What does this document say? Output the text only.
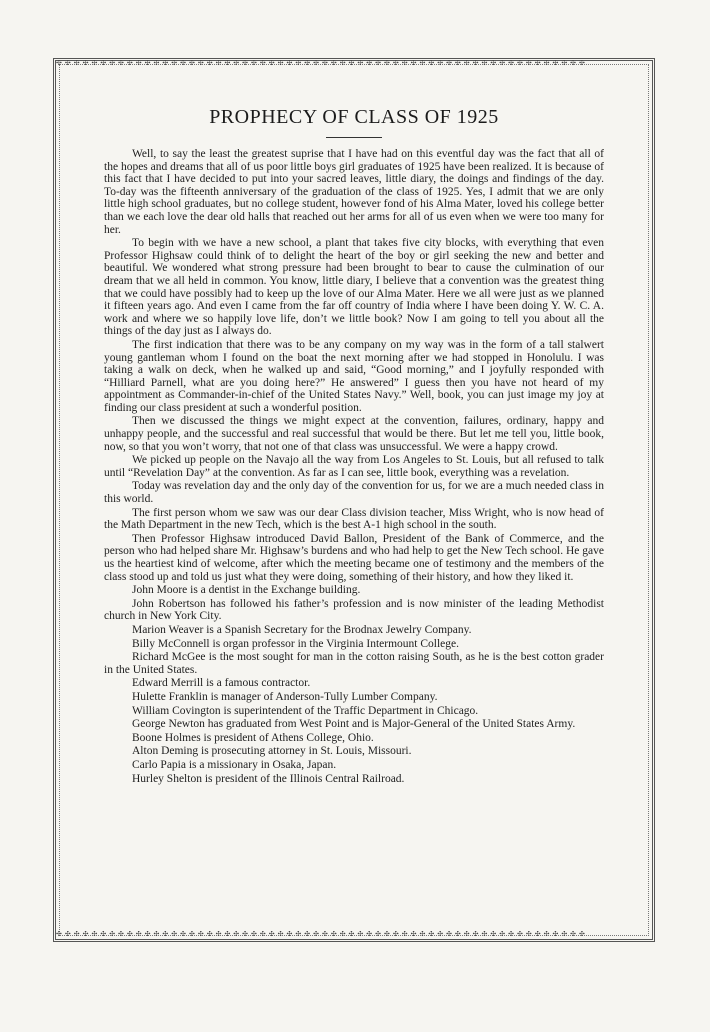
✣✣✣✣✣✣✣✣✣✣✣✣✣✣✣✣✣✣✣✣✣✣✣✣✣✣✣✣✣✣✣✣✣✣✣✣✣✣✣✣✣✣✣✣✣✣✣✣✣✣✣✣✣✣✣✣✣✣✣✣
✣✣✣✣✣✣✣✣✣✣✣✣✣✣✣✣✣✣✣✣✣✣✣✣✣✣✣✣✣✣✣✣✣✣✣✣✣✣✣✣✣✣✣✣✣✣✣✣✣✣✣✣✣✣✣✣✣✣✣✣
PROPHECY OF CLASS OF 1925

Well, to say the least the greatest suprise that I have had on this eventful day was the fact that all of the hopes and dreams that all of us poor little boys girl graduates of 1925 have been realized. It is because of this fact that I have decided to put into your sacred leaves, little diary, the doings and findings of the day. To-day was the fifteenth anniversary of the graduation of the class of 1925. Yes, I admit that we are only little high school graduates, but no college student, however fond of his Alma Mater, loved his college better than we each love the dear old halls that reached out her arms for all of us even when we were too many for her.

To begin with we have a new school, a plant that takes five city blocks, with everything that even Professor Highsaw could think of to delight the heart of the boy or girl seeking the new and better and beautiful. We wondered what strong pressure had been brought to bear to cause the culmination of our dream that we all held in common. You know, little diary, I believe that a convention was the greatest thing that we could have possibly had to keep up the love of our Alma Mater. Here we all were just as we planned it fifteen years ago. And even I came from the far off country of India where I have been doing Y. W. C. A. work and where we so happily love life, don’t we little book? Now I am going to tell you about all the things of the day just as I always do.

The first indication that there was to be any company on my way was in the form of a tall stalwert young gantleman whom I found on the boat the next morning after we had stopped in Honolulu. I was taking a walk on deck, when he walked up and said, “Good morning,” and I joyfully responded with “Hilliard Parnell, what are you doing here?” He answered” I guess then you have not heard of my appointment as Commander-in-chief of the United States Navy.” Well, book, you can just image my joy at finding our class president at such a wonderful position.

Then we discussed the things we might expect at the convention, failures, ordinary, happy and unhappy people, and the successful and real successful that would be there. But let me tell you, little book, now, so that you won’t worry, that not one of that class was unsuccessful. We were a happy crowd.

We picked up people on the Navajo all the way from Los Angeles to St. Louis, but all refused to talk until “Revelation Day” at the convention. As far as I can see, little book, everything was a revelation.

Today was revelation day and the only day of the convention for us, for we are a much needed class in this world.

The first person whom we saw was our dear Class division teacher, Miss Wright, who is now head of the Math Department in the new Tech, which is the best A-1 high school in the south.

Then Professor Highsaw introduced David Ballon, President of the Bank of Commerce, and the person who had helped share Mr. Highsaw’s burdens and who had help to get the New Tech school. He gave us the heartiest kind of welcome, after which the meeting became one of testimony and the members of the class stood up and told us just what they were doing, something of their history, and how they liked it.

John Moore is a dentist in the Exchange building.

John Robertson has followed his father’s profession and is now minister of the leading Methodist church in New York City.

Marion Weaver is a Spanish Secretary for the Brodnax Jewelry Company.

Billy McConnell is organ professor in the Virginia Intermount College.

Richard McGee is the most sought for man in the cotton raising South, as he is the best cotton grader in the United States.

Edward Merrill is a famous contractor.

Hulette Franklin is manager of Anderson-Tully Lumber Company.

William Covington is superintendent of the Traffic Department in Chicago.

George Newton has graduated from West Point and is Major-General of the United States Army.

Boone Holmes is president of Athens College, Ohio.

Alton Deming is prosecuting attorney in St. Louis, Missouri.

Carlo Papia is a missionary in Osaka, Japan.

Hurley Shelton is president of the Illinois Central Railroad.
